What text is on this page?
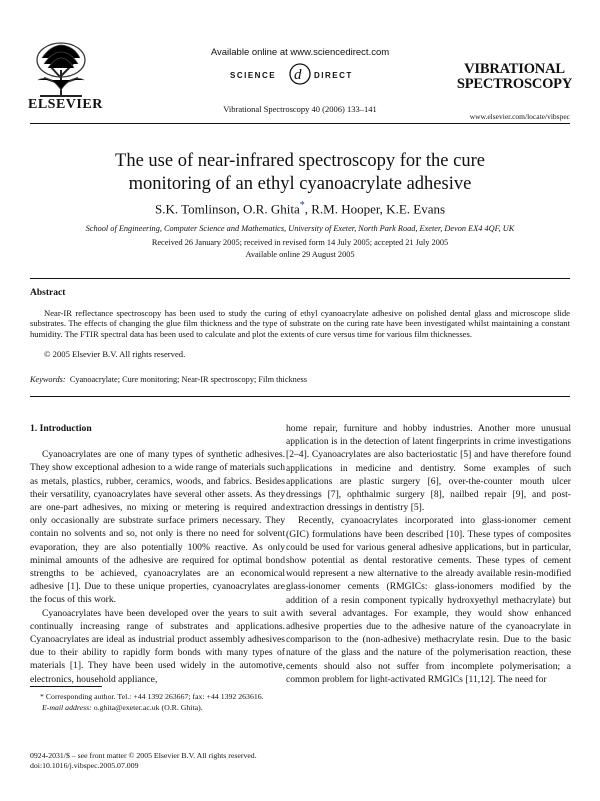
ELSEVIER
Available online at www.sciencedirect.com
SCIENCE d DIRECT
Vibrational Spectroscopy 40 (2006) 133–141
VIBRATIONAL
SPECTROSCOPY
www.elsevier.com/locate/vibspec
The use of near-infrared spectroscopy for the cure
monitoring of an ethyl cyanoacrylate adhesive
S.K. Tomlinson, O.R. Ghita*, R.M. Hooper, K.E. Evans
School of Engineering, Computer Science and Mathematics, University of Exeter, North Park Road, Exeter, Devon EX4 4QF, UK
Received 26 January 2005; received in revised form 14 July 2005; accepted 21 July 2005
Available online 29 August 2005
Abstract
Near-IR reflectance spectroscopy has been used to study the curing of ethyl cyanoacrylate adhesive on polished dental glass and microscope slide substrates. The effects of changing the glue film thickness and the type of substrate on the curing rate have been investigated whilst maintaining a constant humidity. The FTIR spectral data has been used to calculate and plot the extents of cure versus time for various film thicknesses.
© 2005 Elsevier B.V. All rights reserved.
Keywords: Cyanoacrylate; Cure monitoring; Near-IR spectroscopy; Film thickness

1. Introduction

Cyanoacrylates are one of many types of synthetic adhesives. They show exceptional adhesion to a wide range of materials such as metals, plastics, rubber, ceramics, woods, and fabrics. Besides their versatility, cyanoacrylates have several other assets. As they are one-part adhesives, no mixing or metering is required and only occasionally are substrate surface primers necessary. They contain no solvents and so, not only is there no need for solvent evaporation, they are also potentially 100% reactive. As only minimal amounts of the adhesive are required for optimal bond strengths to be achieved, cyanoacrylates are an economical adhesive [1]. Due to these unique properties, cyanoacrylates are the focus of this work.

Cyanoacrylates have been developed over the years to suit a continually increasing range of substrates and applications. Cyanoacrylates are ideal as industrial product assembly adhesives due to their ability to rapidly form bonds with many types of materials [1]. They have been used widely in the automotive, electronics, household appliance,

home repair, furniture and hobby industries. Another more unusual application is in the detection of latent fingerprints in crime investigations [2–4]. Cyanoacrylates are also bacteriostatic [5] and have therefore found applications in medicine and dentistry. Some examples of such applications are plastic surgery [6], over-the-counter mouth ulcer dressings [7], ophthalmic surgery [8], nailbed repair [9], and post-extraction dressings in dentistry [5].

Recently, cyanoacrylates incorporated into glass-ionomer cement (GIC) formulations have been described [10]. These types of composites could be used for various general adhesive applications, but in particular, show potential as dental restorative cements. These types of cement would represent a new alternative to the already available resin-modified glass-ionomer cements (RMGICs: glass-ionomers modified by the addition of a resin component typically hydroxyethyl methacrylate) but with several advantages. For example, they would show enhanced adhesive properties due to the adhesive nature of the cyanoacrylate in comparison to the (non-adhesive) methacrylate resin. Due to the basic nature of the glass and the nature of the polymerisation reaction, these cements should also not suffer from incomplete polymerisation; a common problem for light-activated RMGICs [11,12]. The need for

* Corresponding author. Tel.: +44 1392 263667; fax: +44 1392 263616.
E-mail address: o.ghita@exeter.ac.uk (O.R. Ghita).
0924-2031/$ – see front matter © 2005 Elsevier B.V. All rights reserved.
doi:10.1016/j.vibspec.2005.07.009
